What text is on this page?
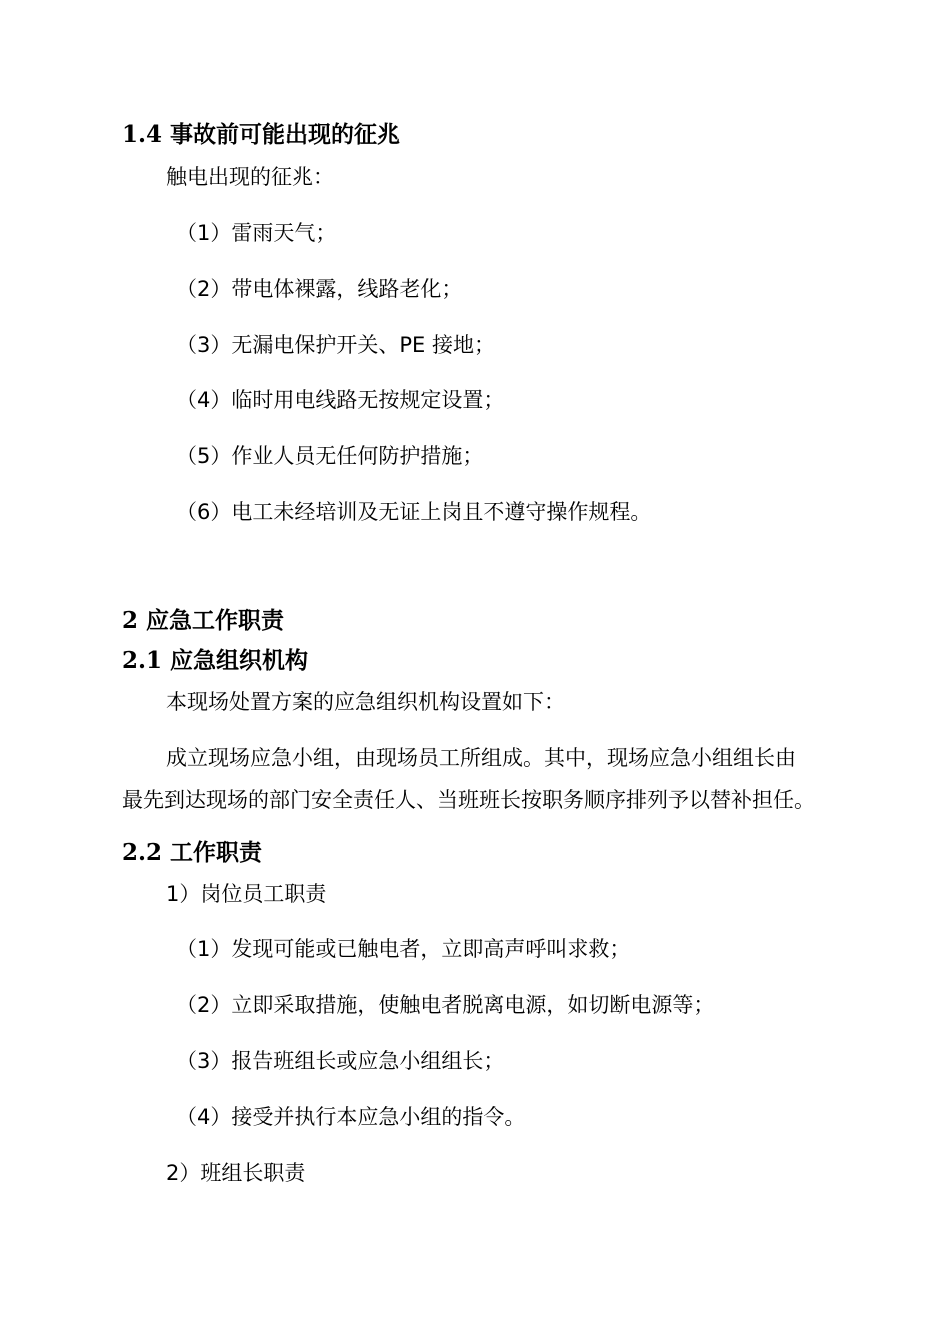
1.4 事故前可能出现的征兆
触电出现的征兆：
（1）雷雨天气；
（2）带电体裸露，线路老化；
（3）无漏电保护开关、PE 接地；
（4）临时用电线路无按规定设置；
（5）作业人员无任何防护措施；
（6）电工未经培训及无证上岗且不遵守操作规程。
2 应急工作职责
2.1 应急组织机构
本现场处置方案的应急组织机构设置如下：
成立现场应急小组，由现场员工所组成。其中，现场应急小组组长由
最先到达现场的部门安全责任人、当班班长按职务顺序排列予以替补担任。
2.2 工作职责
1）岗位员工职责
（1）发现可能或已触电者，立即高声呼叫求救；
（2）立即采取措施，使触电者脱离电源，如切断电源等；
（3）报告班组长或应急小组组长；
（4）接受并执行本应急小组的指令。
2）班组长职责
